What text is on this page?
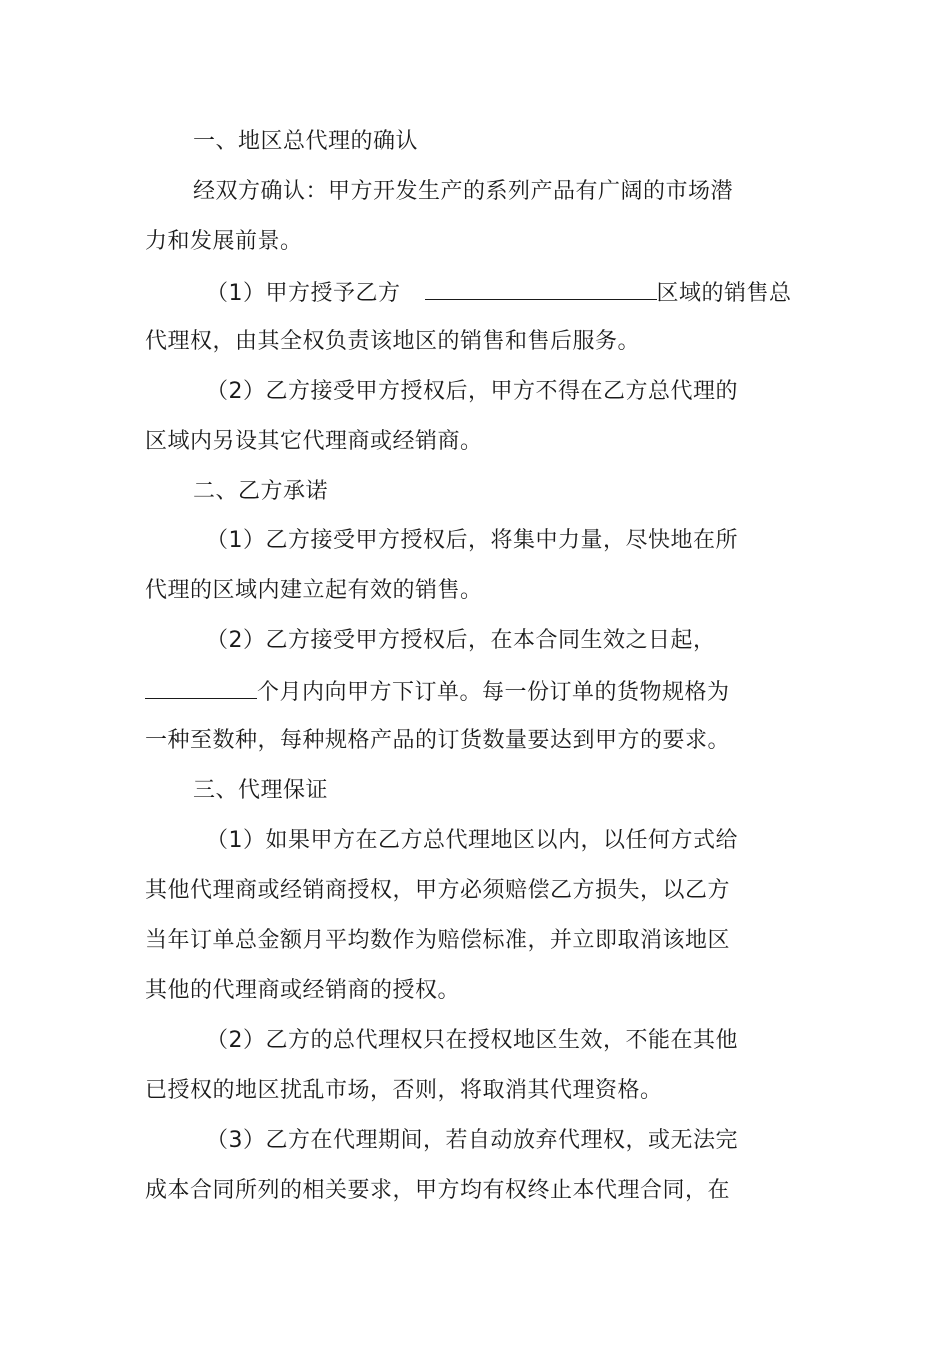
一、地区总代理的确认
经双方确认：甲方开发生产的系列产品有广阔的市场潜
力和发展前景。
（1）甲方授予乙方	区域的销售总
代理权，由其全权负责该地区的销售和售后服务。
（2）乙方接受甲方授权后，甲方不得在乙方总代理的
区域内另设其它代理商或经销商。
二、乙方承诺
（1）乙方接受甲方授权后，将集中力量，尽快地在所
代理的区域内建立起有效的销售。
（2）乙方接受甲方授权后，在本合同生效之日起，
个月内向甲方下订单。每一份订单的货物规格为
一种至数种，每种规格产品的订货数量要达到甲方的要求。
三、代理保证
（1）如果甲方在乙方总代理地区以内，以任何方式给
其他代理商或经销商授权，甲方必须赔偿乙方损失，以乙方
当年订单总金额月平均数作为赔偿标准，并立即取消该地区
其他的代理商或经销商的授权。
（2）乙方的总代理权只在授权地区生效，不能在其他
已授权的地区扰乱市场，否则，将取消其代理资格。
（3）乙方在代理期间，若自动放弃代理权，或无法完
成本合同所列的相关要求，甲方均有权终止本代理合同，在
